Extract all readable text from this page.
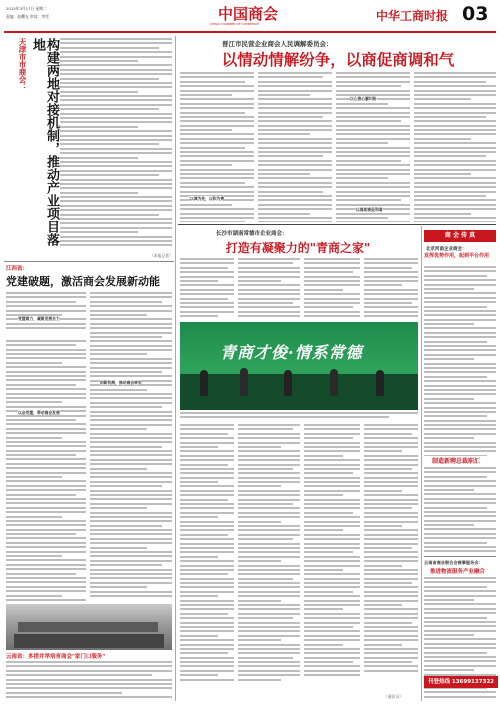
2015年3月17日 星期二
责编：赵曙光 审读：李雪	中国商会
CHINA CHAMBER OF COMMERCE
中华工商时报 03
天津市市商会：	构建两地对接机制，推动产业项目落地
（本报记者）
江西省：
党建破题，激活商会发展新动能
党建聚力，凝聚发展合力
以会党建，带动商会发展
创新机制，推动商会转型
云南省：多措并举培育商会"家门口服务"
晋江市民营企业商会人民调解委员会：
以情动情解纷争，以商促商调和气
以调为先，以和为贵
以心换心解纠纷
以商助商促和谐
长沙市湖南常德市企业商会：
打造有凝聚力的"青商之家"
青商才俊·情系常德
（通讯员）
商 会 传 真
北京河南企业商会：
发挥优势作用，起到平台作用
制造新聘总裁职汇
云南省商业联合会商事服务会：
推进物流服务产业融合
刊登热线 13699137322
